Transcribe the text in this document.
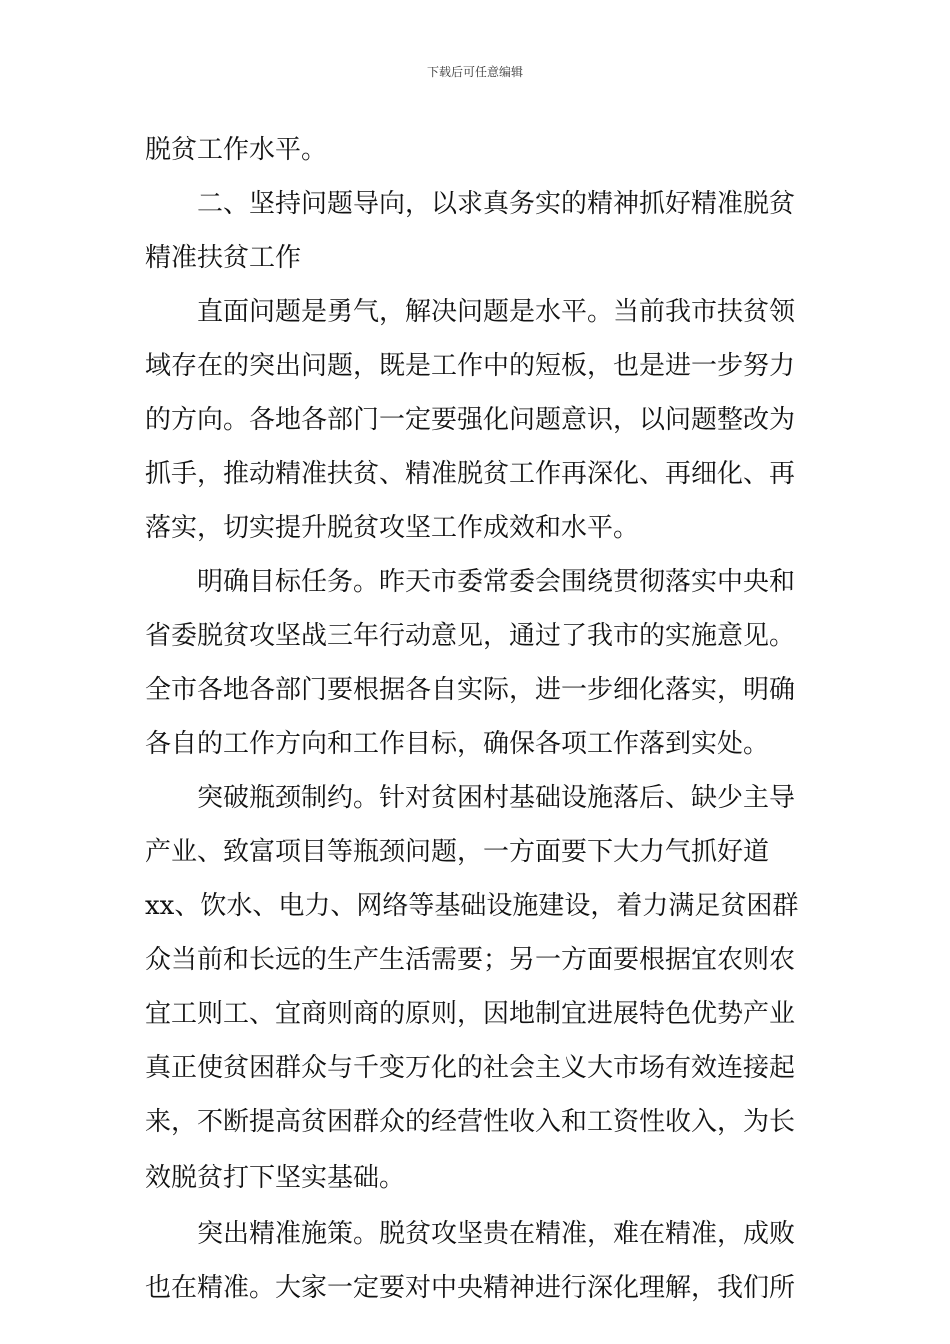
下载后可任意编辑
脱贫工作水平。
二、坚持问题导向，以求真务实的精神抓好精准脱贫
精准扶贫工作
直面问题是勇气，解决问题是水平。当前我市扶贫领
域存在的突出问题，既是工作中的短板，也是进一步努力
的方向。各地各部门一定要强化问题意识，以问题整改为
抓手，推动精准扶贫、精准脱贫工作再深化、再细化、再
落实，切实提升脱贫攻坚工作成效和水平。
明确目标任务。昨天市委常委会围绕贯彻落实中央和
省委脱贫攻坚战三年行动意见，通过了我市的实施意见。
全市各地各部门要根据各自实际，进一步细化落实，明确
各自的工作方向和工作目标，确保各项工作落到实处。
突破瓶颈制约。针对贫困村基础设施落后、缺少主导
产业、致富项目等瓶颈问题，一方面要下大力气抓好道
xx、饮水、电力、网络等基础设施建设，着力满足贫困群
众当前和长远的生产生活需要；另一方面要根据宜农则农
宜工则工、宜商则商的原则，因地制宜进展特色优势产业
真正使贫困群众与千变万化的社会主义大市场有效连接起
来，不断提高贫困群众的经营性收入和工资性收入，为长
效脱贫打下坚实基础。
突出精准施策。脱贫攻坚贵在精准，难在精准，成败
也在精准。大家一定要对中央精神进行深化理解，我们所
